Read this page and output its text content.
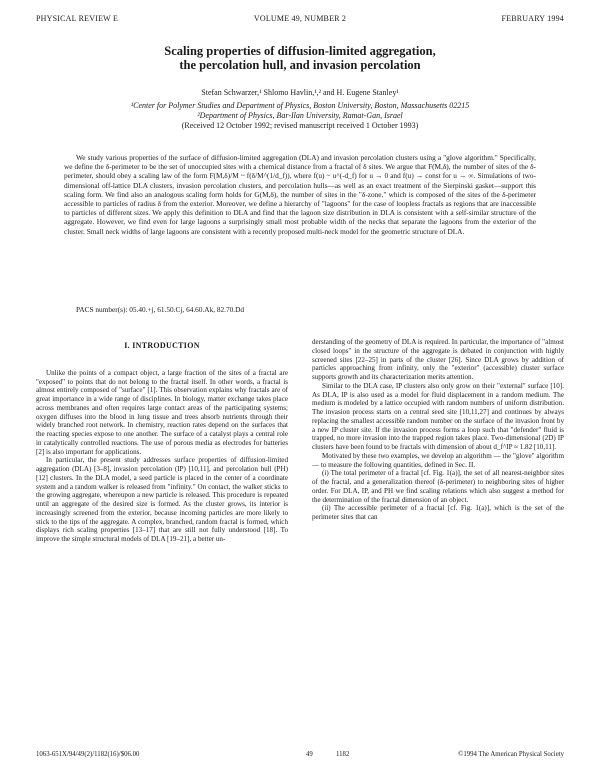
PHYSICAL REVIEW E	VOLUME 49, NUMBER 2	FEBRUARY 1994
Scaling properties of diffusion-limited aggregation,
the percolation hull, and invasion percolation
Stefan Schwarzer,¹ Shlomo Havlin,¹,² and H. Eugene Stanley¹
¹Center for Polymer Studies and Department of Physics, Boston University, Boston, Massachusetts 02215
²Department of Physics, Bar-Ilan University, Ramat-Gan, Israel
(Received 12 October 1992; revised manuscript received 1 October 1993)
We study various properties of the surface of diffusion-limited aggregation (DLA) and invasion percolation clusters using a "glove algorithm." Specifically, we define the δ-perimeter to be the set of unoccupied sites with a chemical distance from a fractal of δ sites. We argue that F(M,δ), the number of sites of the δ-perimeter, should obey a scaling law of the form F(M,δ)/M ~ f(δ/M^(1/d_f)), where f(u) ~ u^(-d_f) for u → 0 and f(u) → const for u → ∞. Simulations of two-dimensional off-lattice DLA clusters, invasion percolation clusters, and percolation hulls—as well as an exact treatment of the Sierpinski gasket—support this scaling form. We find also an analogous scaling form holds for G(M,δ), the number of sites in the "δ-zone," which is composed of the sites of the δ-perimeter accessible to particles of radius δ from the exterior. Moreover, we define a hierarchy of "lagoons" for the case of loopless fractals as regions that are inaccessible to particles of different sizes. We apply this definition to DLA and find that the lagoon size distribution in DLA is consistent with a self-similar structure of the aggregate. However, we find even for large lagoons a surprisingly small most probable width of the necks that separate the lagoons from the exterior of the cluster. Small neck widths of large lagoons are consistent with a recently proposed multi-neck model for the geometric structure of DLA.
PACS number(s): 05.40.+j, 61.50.Cj, 64.60.Ak, 82.70.Dd
I. INTRODUCTION

Unlike the points of a compact object, a large fraction of the sites of a fractal are "exposed" to points that do not belong to the fractal itself. In other words, a fractal is almost entirely composed of "surface" [1]. This observation explains why fractals are of great importance in a wide range of disciplines. In biology, matter exchange takes place across membranes and often requires large contact areas of the participating systems; oxygen diffuses into the blood in lung tissue and trees absorb nutrients through their widely branched root network. In chemistry, reaction rates depend on the surfaces that the reacting species expose to one another. The surface of a catalyst plays a central role in catalytically controlled reactions. The use of porous media as electrodes for batteries [2] is also important for applications.

In particular, the present study addresses surface properties of diffusion-limited aggregation (DLA) [3–8], invasion percolation (IP) [10,11], and percolation hull (PH) [12] clusters. In the DLA model, a seed particle is placed in the center of a coordinate system and a random walker is released from "infinity." On contact, the walker sticks to the growing aggregate, whereupon a new particle is released. This procedure is repeated until an aggregate of the desired size is formed. As the cluster grows, its interior is increasingly screened from the exterior, because incoming particles are more likely to stick to the tips of the aggregate. A complex, branched, random fractal is formed, which displays rich scaling properties [13–17] that are still not fully understood [18]. To improve the simple structural models of DLA [19–21], a better un-

derstanding of the geometry of DLA is required. In particular, the importance of "almost closed loops" in the structure of the aggregate is debated in conjunction with highly screened sites [22–25] in parts of the cluster [26]. Since DLA grows by addition of particles approaching from infinity, only the "exterior" (accessible) cluster surface supports growth and its characterization merits attention.

Similar to the DLA case, IP clusters also only grow on their "external" surface [10]. As DLA, IP is also used as a model for fluid displacement in a random medium. The medium is modeled by a lattice occupied with random numbers of uniform distribution. The invasion process starts on a central seed site [10,11,27] and continues by always replacing the smallest accessible random number on the surface of the invasion front by a new IP cluster site. If the invasion process forms a loop such that "defender" fluid is trapped, no more invasion into the trapped region takes place. Two-dimensional (2D) IP clusters have been found to be fractals with dimension of about d_f^IP ≈ 1.82 [10,11].

Motivated by these two examples, we develop an algorithm — the "glove" algorithm — to measure the following quantities, defined in Sec. II.

(i) The total perimeter of a fractal [cf. Fig. 1(a)], the set of all nearest-neighbor sites of the fractal, and a generalization thereof (δ-perimeter) to neighboring sites of higher order. For DLA, IP, and PH we find scaling relations which also suggest a method for the determination of the fractal dimension of an object.

(ii) The accessible perimeter of a fractal [cf. Fig. 1(a)], which is the set of the perimeter sites that can

1063-651X/94/49(2)/1182(16)/$06.00	49	1182	©1994 The American Physical Society
